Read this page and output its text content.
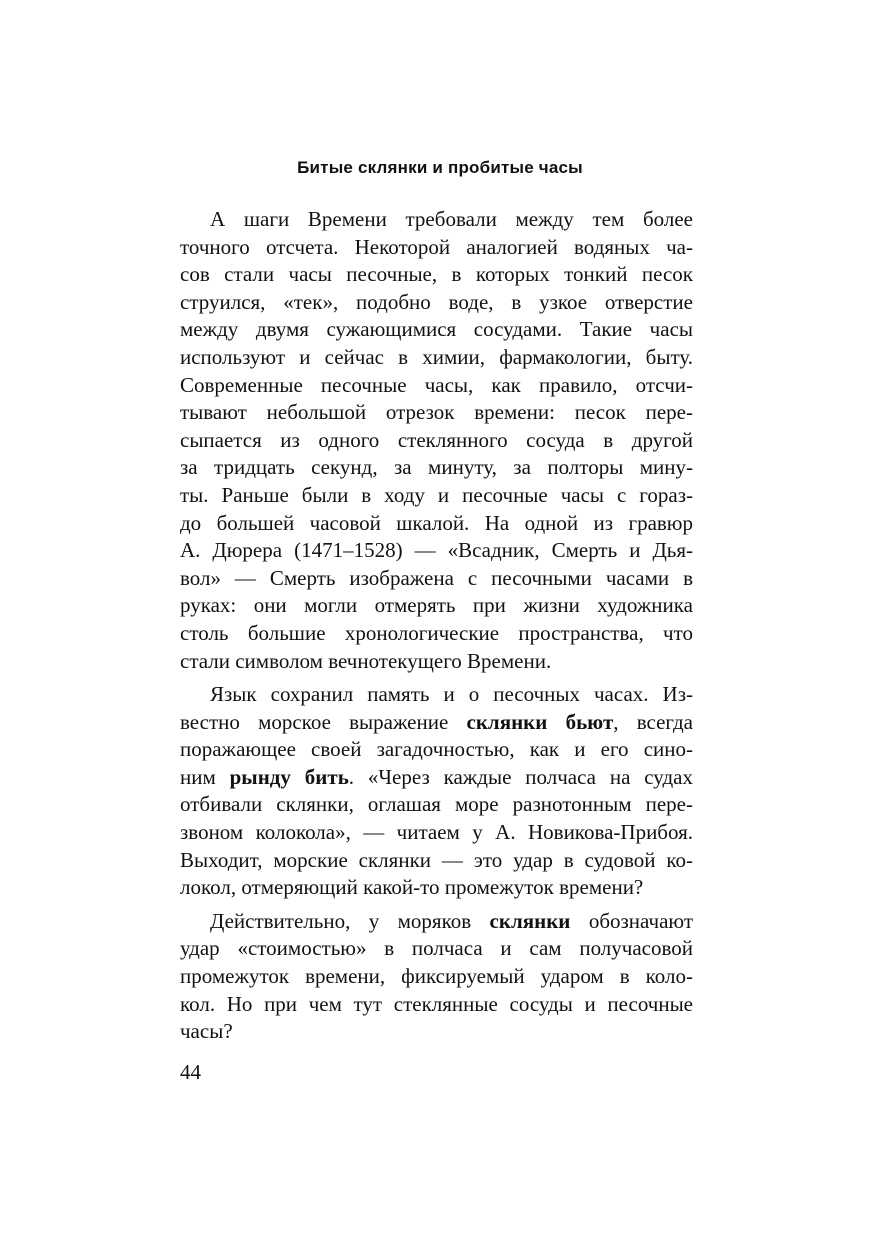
Битые склянки и пробитые часы
А шаги Времени требовали между тем более
точного отсчета. Некоторой аналогией водяных ча-
сов стали часы песочные, в которых тонкий песок
струился, «тек», подобно воде, в узкое отверстие
между двумя сужающимися сосудами. Такие часы
используют и сейчас в химии, фармакологии, быту.
Современные песочные часы, как правило, отсчи-
тывают небольшой отрезок времени: песок пере-
сыпается из одного стеклянного сосуда в другой
за тридцать секунд, за минуту, за полторы мину-
ты. Раньше были в ходу и песочные часы с гораз-
до большей часовой шкалой. На одной из гравюр
А. Дюрера (1471–1528) — «Всадник, Смерть и Дья-
вол» — Смерть изображена с песочными часами в
руках: они могли отмерять при жизни художника
столь большие хронологические пространства, что
стали символом вечнотекущего Времени.
Язык сохранил память и о песочных часах. Из-
вестно морское выражение склянки бьют, всегда
поражающее своей загадочностью, как и его сино-
ним рынду бить. «Через каждые полчаса на судах
отбивали склянки, оглашая море разнотонным пере-
звоном колокола», — читаем у А. Новикова-Прибоя.
Выходит, морские склянки — это удар в судовой ко-
локол, отмеряющий какой-то промежуток времени?
Действительно, у моряков склянки обозначают
удар «стоимостью» в полчаса и сам получасовой
промежуток времени, фиксируемый ударом в коло-
кол. Но при чем тут стеклянные сосуды и песочные
часы?

44
